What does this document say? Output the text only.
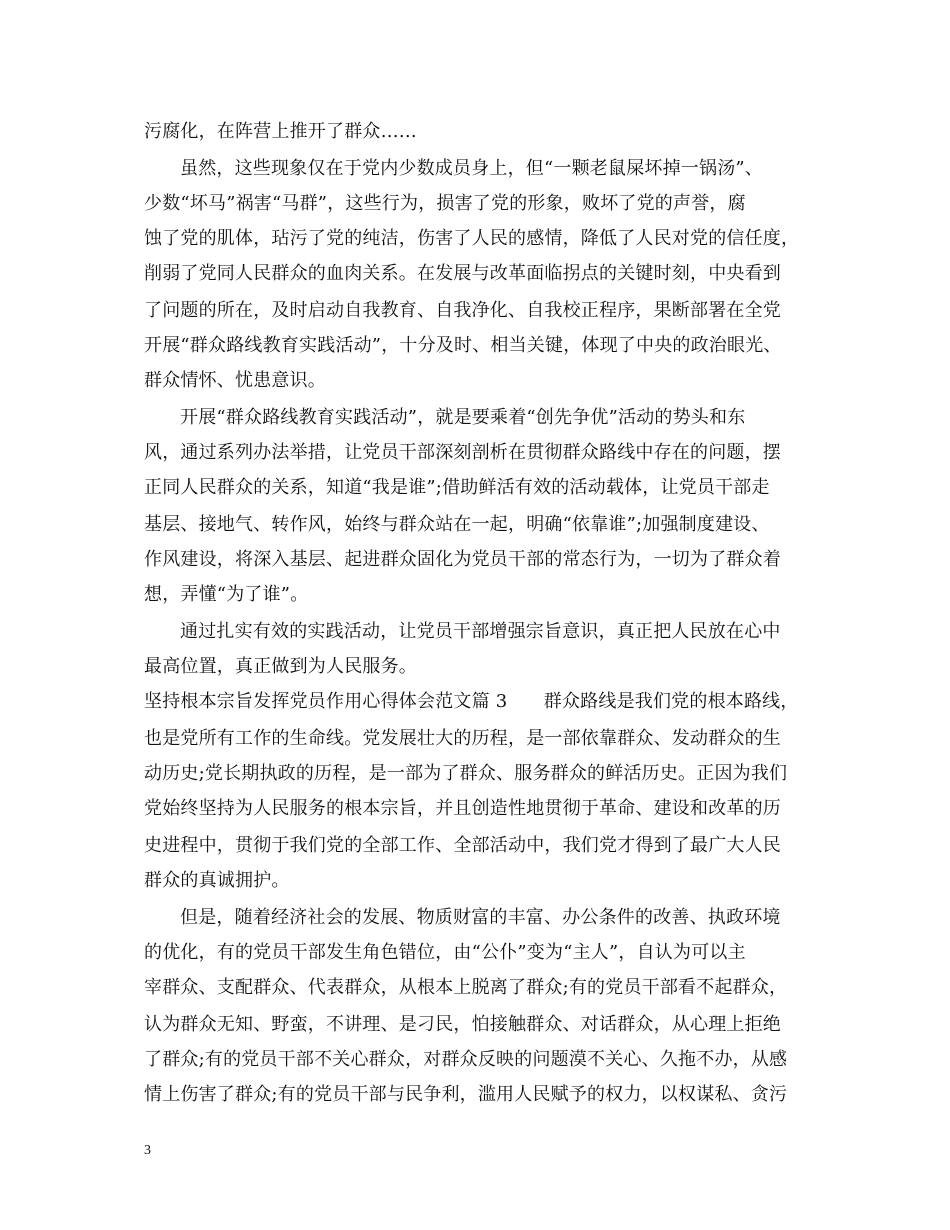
污腐化，在阵营上推开了群众……
虽然，这些现象仅在于党内少数成员身上，但“一颗老鼠屎坏掉一锅汤”、
少数“坏马”祸害“马群”，这些行为，损害了党的形象，败坏了党的声誉，腐
蚀了党的肌体，玷污了党的纯洁，伤害了人民的感情，降低了人民对党的信任度，
削弱了党同人民群众的血肉关系。在发展与改革面临拐点的关键时刻，中央看到
了问题的所在，及时启动自我教育、自我净化、自我校正程序，果断部署在全党
开展“群众路线教育实践活动”，十分及时、相当关键，体现了中央的政治眼光、
群众情怀、忧患意识。
开展“群众路线教育实践活动”，就是要乘着“创先争优”活动的势头和东
风，通过系列办法举措，让党员干部深刻剖析在贯彻群众路线中存在的问题，摆
正同人民群众的关系，知道“我是谁”;借助鲜活有效的活动载体，让党员干部走
基层、接地气、转作风，始终与群众站在一起，明确“依靠谁”;加强制度建设、
作风建设，将深入基层、起进群众固化为党员干部的常态行为，一切为了群众着
想，弄懂“为了谁”。
通过扎实有效的实践活动，让党员干部增强宗旨意识，真正把人民放在心中
最高位置，真正做到为人民服务。
坚持根本宗旨发挥党员作用心得体会范文篇 3　　群众路线是我们党的根本路线，
也是党所有工作的生命线。党发展壮大的历程，是一部依靠群众、发动群众的生
动历史;党长期执政的历程，是一部为了群众、服务群众的鲜活历史。正因为我们
党始终坚持为人民服务的根本宗旨，并且创造性地贯彻于革命、建设和改革的历
史进程中，贯彻于我们党的全部工作、全部活动中，我们党才得到了最广大人民
群众的真诚拥护。
但是，随着经济社会的发展、物质财富的丰富、办公条件的改善、执政环境
的优化，有的党员干部发生角色错位，由“公仆”变为“主人”，自认为可以主
宰群众、支配群众、代表群众，从根本上脱离了群众;有的党员干部看不起群众，
认为群众无知、野蛮，不讲理、是刁民，怕接触群众、对话群众，从心理上拒绝
了群众;有的党员干部不关心群众，对群众反映的问题漠不关心、久拖不办，从感
情上伤害了群众;有的党员干部与民争利，滥用人民赋予的权力，以权谋私、贪污
3
